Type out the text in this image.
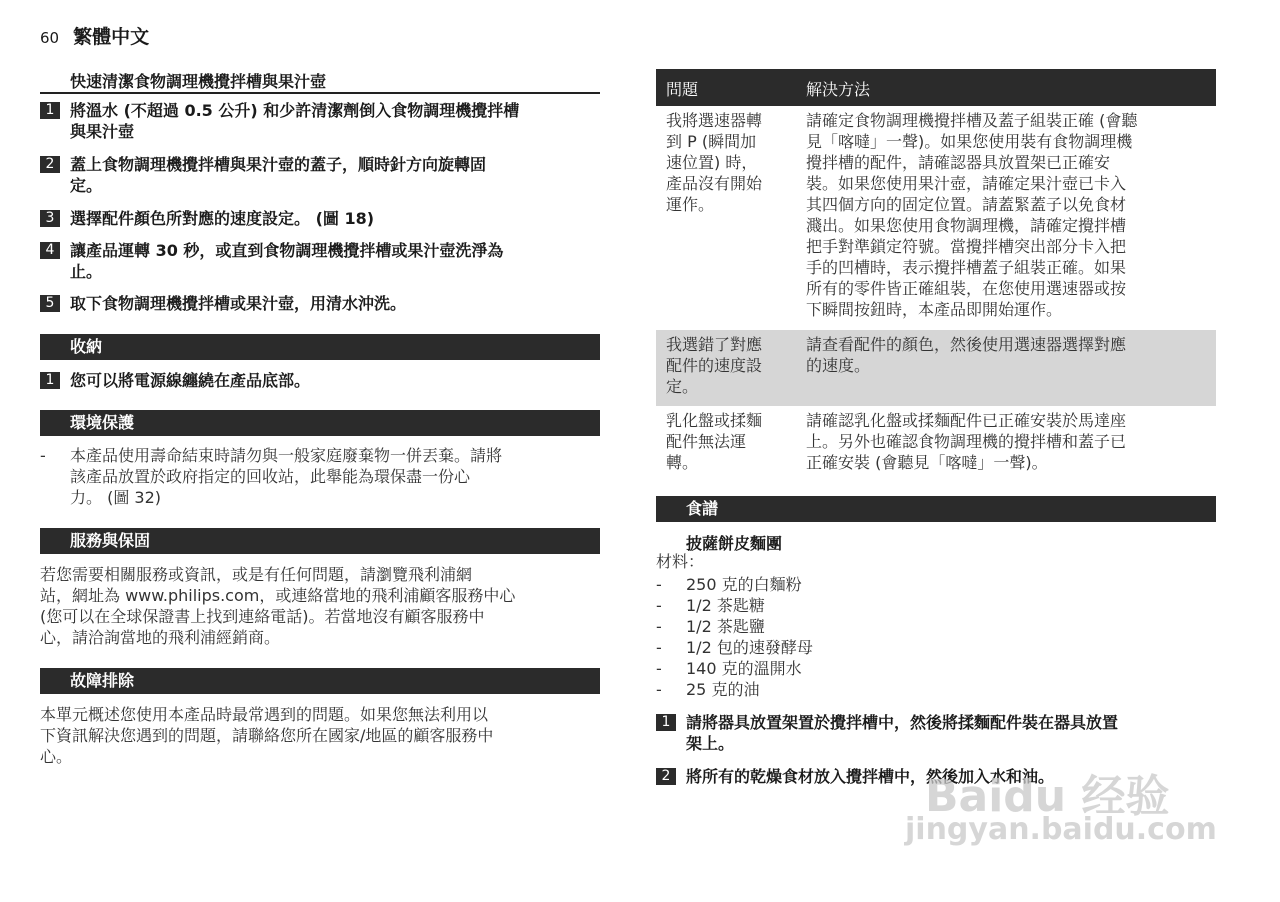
60 繁體中文
快速清潔食物調理機攪拌槽與果汁壺
1 將溫水 (不超過 0.5 公升) 和少許清潔劑倒入食物調理機攪拌槽
與果汁壺
2 蓋上食物調理機攪拌槽與果汁壺的蓋子，順時針方向旋轉固
定。
3 選擇配件顏色所對應的速度設定。 (圖 18)
4 讓產品運轉 30 秒，或直到食物調理機攪拌槽或果汁壺洗淨為
止。
5 取下食物調理機攪拌槽或果汁壺，用清水沖洗。
收納
1 您可以將電源線纏繞在產品底部。
環境保護
- 本產品使用壽命結束時請勿與一般家庭廢棄物一併丟棄。請將
該產品放置於政府指定的回收站，此舉能為環保盡一份心
力。 (圖 32)
服務與保固
若您需要相關服務或資訊，或是有任何問題，請瀏覽飛利浦網
站，網址為 www.philips.com，或連絡當地的飛利浦顧客服務中心
(您可以在全球保證書上找到連絡電話)。若當地沒有顧客服務中
心，請洽詢當地的飛利浦經銷商。
故障排除
本單元概述您使用本產品時最常遇到的問題。如果您無法利用以
下資訊解決您遇到的問題，請聯絡您所在國家/地區的顧客服務中
心。
問題	解決方法
我將選速器轉
到 P (瞬間加
速位置) 時，
產品沒有開始
運作。
請確定食物調理機攪拌槽及蓋子組裝正確 (會聽
見「喀噠」一聲)。如果您使用裝有食物調理機
攪拌槽的配件，請確認器具放置架已正確安
裝。如果您使用果汁壺，請確定果汁壺已卡入
其四個方向的固定位置。請蓋緊蓋子以免食材
濺出。如果您使用食物調理機，請確定攪拌槽
把手對準鎖定符號。當攪拌槽突出部分卡入把
手的凹槽時，表示攪拌槽蓋子組裝正確。如果
所有的零件皆正確組裝，在您使用選速器或按
下瞬間按鈕時，本產品即開始運作。
我選錯了對應
配件的速度設
定。
請查看配件的顏色，然後使用選速器選擇對應
的速度。
乳化盤或揉麵
配件無法運
轉。
請確認乳化盤或揉麵配件已正確安裝於馬達座
上。另外也確認食物調理機的攪拌槽和蓋子已
正確安裝 (會聽見「喀噠」一聲)。
食譜
披薩餅皮麵團
材料：
- 250 克的白麵粉
- 1/2 茶匙糖
- 1/2 茶匙鹽
- 1/2 包的速發酵母
- 140 克的溫開水
- 25 克的油
1 請將器具放置架置於攪拌槽中，然後將揉麵配件裝在器具放置
架上。
2 將所有的乾燥食材放入攪拌槽中，然後加入水和油。
Baidu 经验
jingyan.baidu.com
